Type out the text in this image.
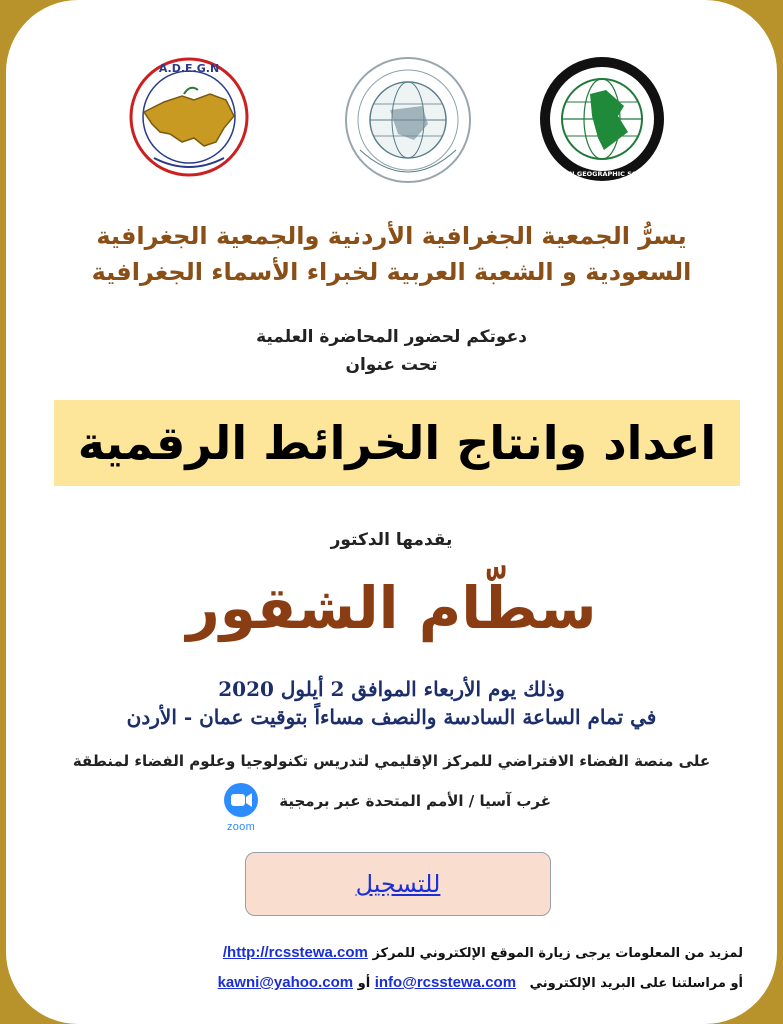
A.D.E.G.N
JORDAN GEOGRAPHIC SOCIETY
يسرُّ الجمعية الجغرافية الأردنية والجمعية الجغرافية
السعودية و الشعبة العربية لخبراء الأسماء الجغرافية
دعوتكم لحضور المحاضرة العلمية
تحت عنوان
اعداد وانتاج الخرائط الرقمية
يقدمها الدكتور
سطّام الشقور
وذلك يوم الأربعاء الموافق 2 أيلول 2020
في تمام الساعة السادسة والنصف مساءاً بتوقيت عمان - الأردن
على منصة الفضاء الافتراضي للمركز الإقليمي لتدريس تكنولوجيا وعلوم الفضاء لمنطقة
غرب آسيا / الأمم المتحدة عبر برمجية
zoom
للتسجيل
لمزيد من المعلومات يرجى زيارة الموقع الإلكتروني للمركز http://rcsstewa.com/
أو مراسلتنا على البريد الإلكتروني   info@rcsstewa.com أو kawni@yahoo.com
